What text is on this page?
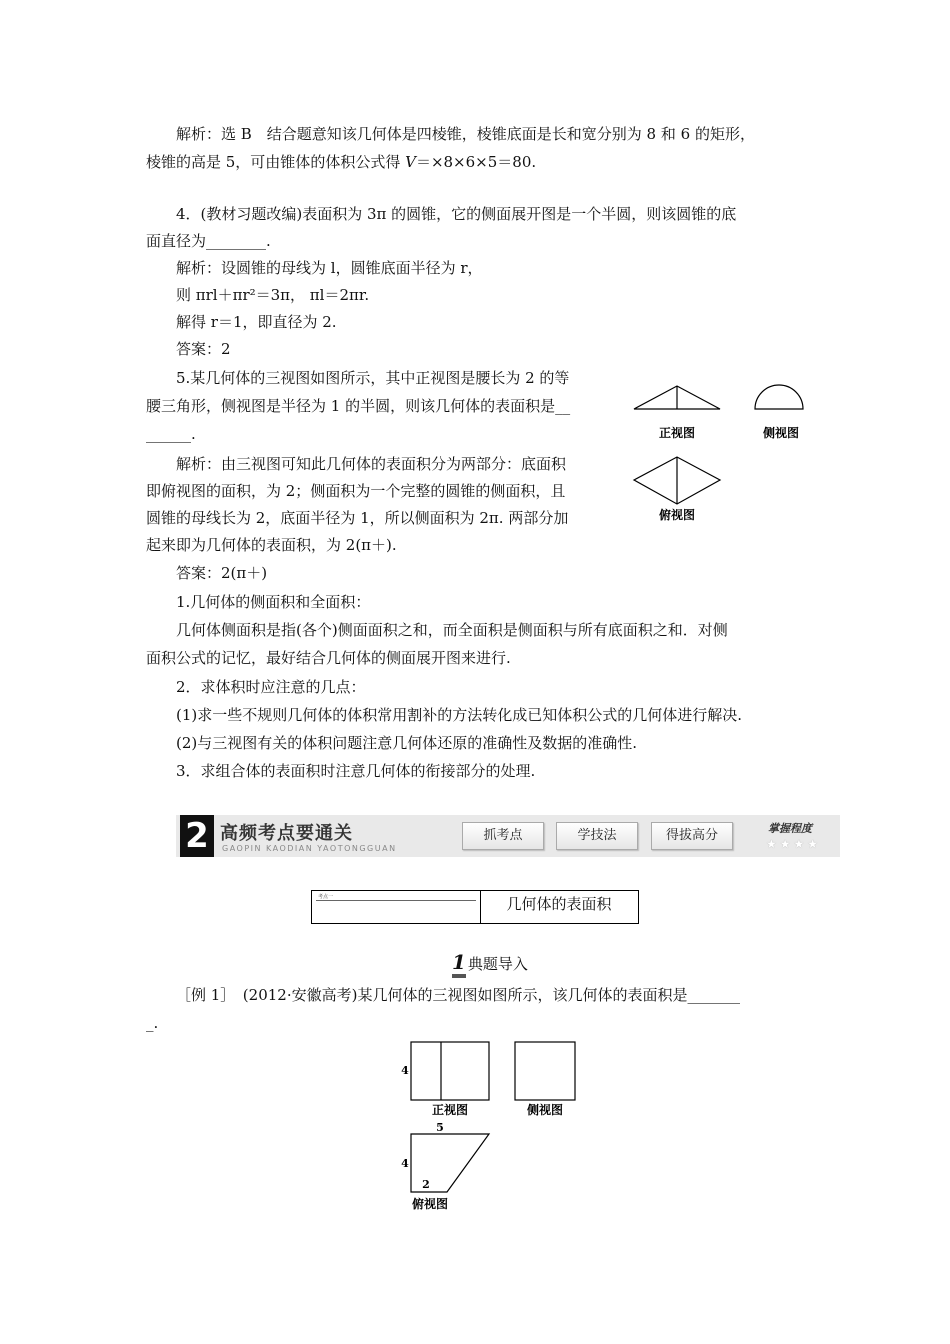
解析：选 B　结合题意知该几何体是四棱锥，棱锥底面是长和宽分别为 8 和 6 的矩形，
棱锥的高是 5，可由锥体的体积公式得 V＝×8×6×5＝80.
4．(教材习题改编)表面积为 3π 的圆锥，它的侧面展开图是一个半圆，则该圆锥的底
面直径为________.
解析：设圆锥的母线为 l，圆锥底面半径为 r，
则 πrl＋πr²＝3π， πl＝2πr.
解得 r＝1，即直径为 2.
答案：2
5.某几何体的三视图如图所示，其中正视图是腰长为 2 的等
腰三角形，侧视图是半径为 1 的半圆，则该几何体的表面积是__
______.
解析：由三视图可知此几何体的表面积分为两部分：底面积
即俯视图的面积，为 2；侧面积为一个完整的圆锥的侧面积，且
圆锥的母线长为 2，底面半径为 1，所以侧面积为 2π. 两部分加
起来即为几何体的表面积，为 2(π＋).
答案：2(π＋)
正视图	侧视图
俯视图
1.几何体的侧面积和全面积：
几何体侧面积是指(各个)侧面面积之和，而全面积是侧面积与所有底面积之和．对侧
面积公式的记忆，最好结合几何体的侧面展开图来进行.
2．求体积时应注意的几点：
(1)求一些不规则几何体的体积常用割补的方法转化成已知体积公式的几何体进行解决.
(2)与三视图有关的体积问题注意几何体还原的准确性及数据的准确性.
3．求组合体的表面积时注意几何体的衔接部分的处理.
2 高频考点要通关
GAOPIN KAODIAN YAOTONGGUAN
抓考点	学技法	得拔高分	掌握程度
★★★★
考点一	几何体的表面积
1 典题导入
［例 1］　(2012·安徽高考)某几何体的三视图如图所示，该几何体的表面积是_______
_.
4
正视图	侧视图
5
4
2
俯视图
